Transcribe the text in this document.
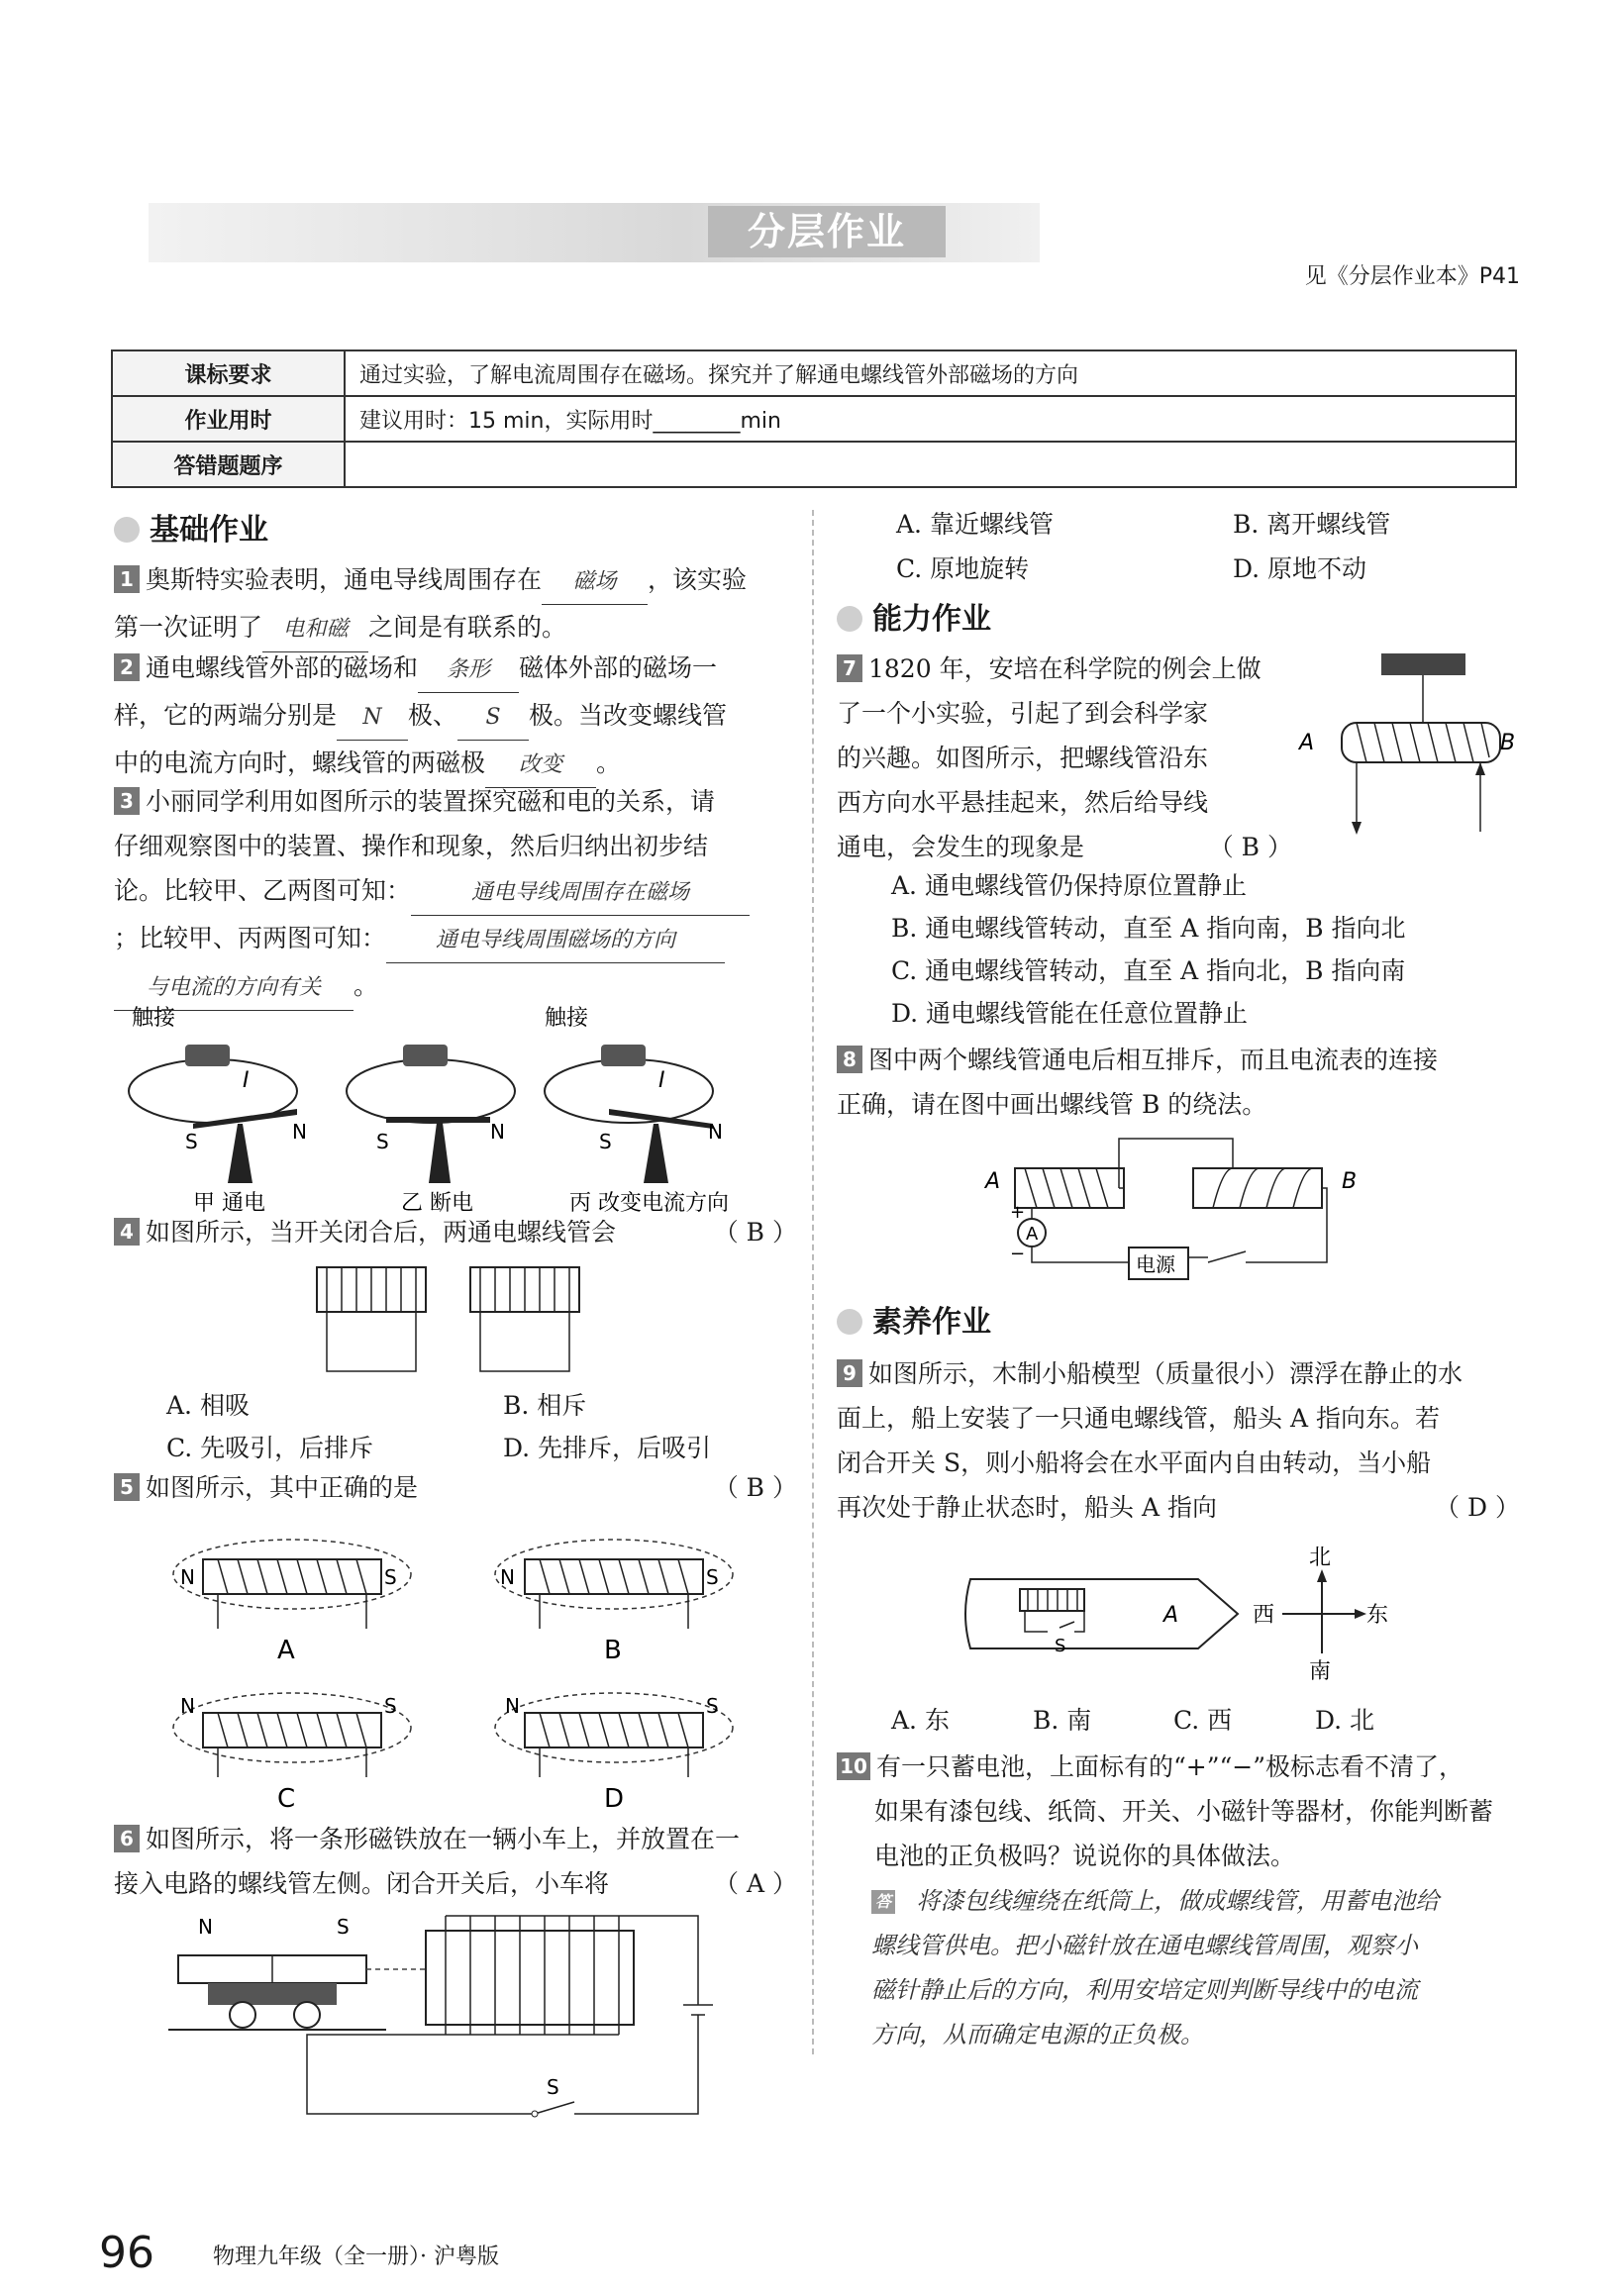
分层作业
见《分层作业本》P41
课标要求	通过实验，了解电流周围存在磁场。探究并了解通电螺线管外部磁场的方向
作业用时	建议用时：15 min，实际用时________min
答错题题序	
基础作业
1 奥斯特实验表明，通电导线周围存在 磁场 ，该实验
第一次证明了 电和磁 之间是有联系的。
2 通电螺线管外部的磁场和 条形 磁体外部的磁场一
样，它的两端分别是 N 极、 S 极。当改变螺线管
中的电流方向时，螺线管的两磁极 改变 。
3 小丽同学利用如图所示的装置探究磁和电的关系，请
仔细观察图中的装置、操作和现象，然后归纳出初步结
论。比较甲、乙两图可知：	通电导线周围存在磁场
；比较甲、丙两图可知： 通电导线周围磁场的方向
与电流的方向有关 。
触接
I
S	N	S	N
触接
I
S	N
甲 通电	乙 断电	丙 改变电流方向
4 如图所示，当开关闭合后，两通电螺线管会	（ B ）
A. 相吸	B. 相斥
C. 先吸引，后排斥	D. 先排斥，后吸引
5 如图所示，其中正确的是	（ B ）
N	S
A
N	S
B
N	S
C
N	S
D
6 如图所示，将一条形磁铁放在一辆小车上，并放置在一
接入电路的螺线管左侧。闭合开关后，小车将	（ A ）
N	S
S
A. 靠近螺线管	B. 离开螺线管
C. 原地旋转	D. 原地不动
能力作业
7 1820 年，安培在科学院的例会上做
了一个小实验，引起了到会科学家
的兴趣。如图所示，把螺线管沿东
西方向水平悬挂起来，然后给导线
通电，会发生的现象是	（ B ）
A	B
A. 通电螺线管仍保持原位置静止
B. 通电螺线管转动，直至 A 指向南，B 指向北
C. 通电螺线管转动，直至 A 指向北，B 指向南
D. 通电螺线管能在任意位置静止
8 图中两个螺线管通电后相互排斥，而且电流表的连接
正确，请在图中画出螺线管 B 的绕法。
A	B
电源
A
+
−
素养作业
9 如图所示，木制小船模型（质量很小）漂浮在静止的水
面上，船上安装了一只通电螺线管，船头 A 指向东。若
闭合开关 S，则小船将会在水平面内自由转动，当小船
再次处于静止状态时，船头 A 指向	（ D ）
S
A
北
南
西	东
A. 东	B. 南	C. 西	D. 北
10 有一只蓄电池，上面标有的“+”“−”极标志看不清了，
如果有漆包线、纸筒、开关、小磁针等器材，你能判断蓄
电池的正负极吗？说说你的具体做法。
答 将漆包线缠绕在纸筒上，做成螺线管，用蓄电池给
螺线管供电。把小磁针放在通电螺线管周围，观察小
磁针静止后的方向，利用安培定则判断导线中的电流
方向，从而确定电源的正负极。
96	物理九年级（全一册）· 沪粤版
